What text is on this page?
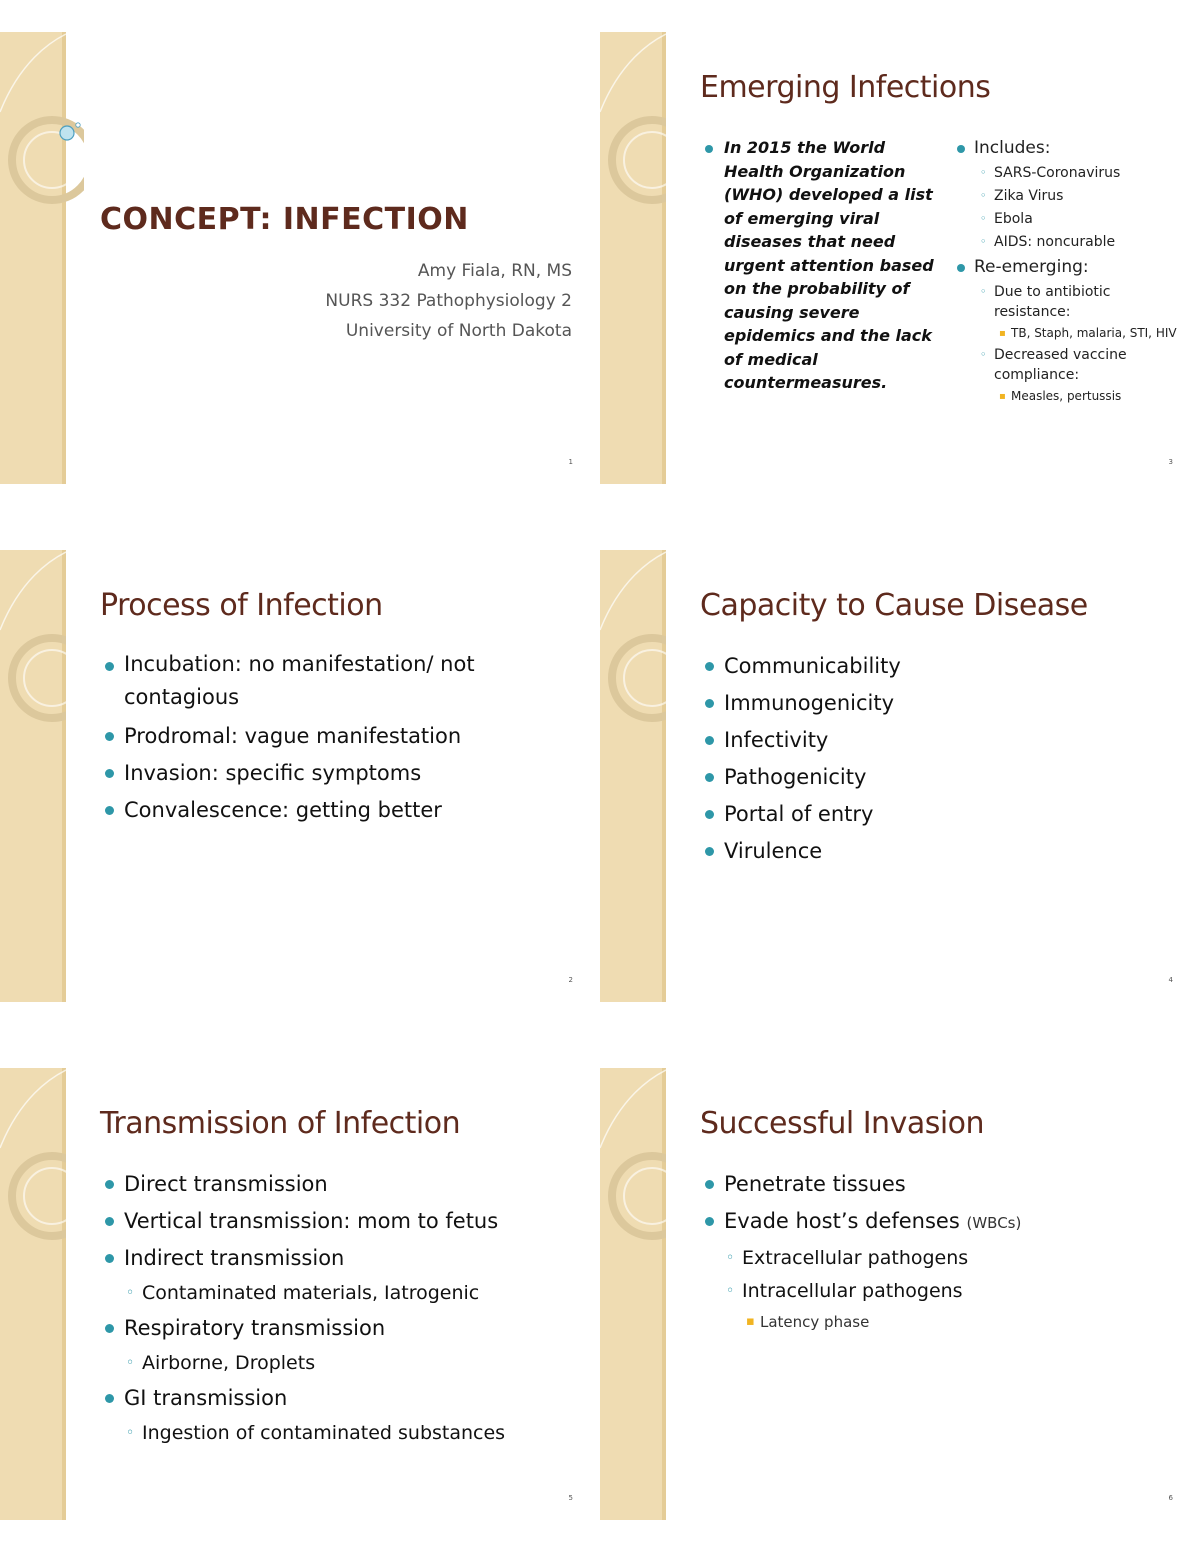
CONCEPT: INFECTION
Amy Fiala, RN, MS
NURS 332 Pathophysiology 2
University of North Dakota
1
Emerging Infections
In 2015 the World Health Organization (WHO) developed a list of emerging viral diseases that need urgent attention based on the probability of causing severe epidemics and the lack of medical countermeasures.
Includes:
◦ SARS-Coronavirus
◦ Zika Virus
◦ Ebola
◦ AIDS: noncurable
Re-emerging:
◦ Due to antibiotic resistance:
▪ TB, Staph, malaria, STI, HIV
◦ Decreased vaccine compliance:
▪ Measles, pertussis
3
Process of Infection
Incubation: no manifestation/ not contagious
Prodromal: vague manifestation
Invasion: specific symptoms
Convalescence: getting better
2
Capacity to Cause Disease
Communicability
Immunogenicity
Infectivity
Pathogenicity
Portal of entry
Virulence
4
Transmission of Infection
Direct transmission
Vertical transmission: mom to fetus
Indirect transmission
◦ Contaminated materials, Iatrogenic
Respiratory transmission
◦ Airborne, Droplets
GI transmission
◦ Ingestion of contaminated substances
5
Successful Invasion
Penetrate tissues
Evade host’s defenses (WBCs)
◦ Extracellular pathogens
◦ Intracellular pathogens
▪ Latency phase
6
